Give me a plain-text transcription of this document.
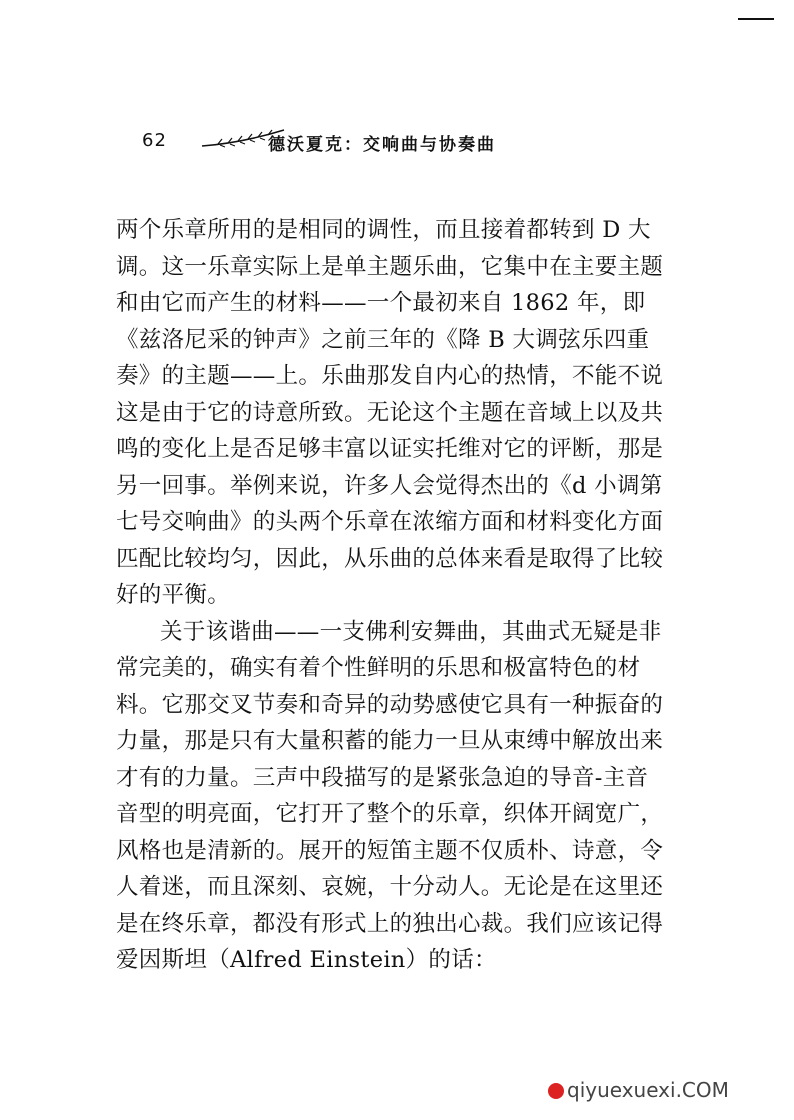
62	德沃夏克：交响曲与协奏曲
两个乐章所用的是相同的调性，而且接着都转到 D 大
调。这一乐章实际上是单主题乐曲，它集中在主要主题
和由它而产生的材料——一个最初来自 1862 年，即
《兹洛尼采的钟声》之前三年的《降 B 大调弦乐四重
奏》的主题——上。乐曲那发自内心的热情，不能不说
这是由于它的诗意所致。无论这个主题在音域上以及共
鸣的变化上是否足够丰富以证实托维对它的评断，那是
另一回事。举例来说，许多人会觉得杰出的《d 小调第
七号交响曲》的头两个乐章在浓缩方面和材料变化方面
匹配比较均匀，因此，从乐曲的总体来看是取得了比较
好的平衡。
关于该谐曲——一支佛利安舞曲，其曲式无疑是非
常完美的，确实有着个性鲜明的乐思和极富特色的材
料。它那交叉节奏和奇异的动势感使它具有一种振奋的
力量，那是只有大量积蓄的能力一旦从束缚中解放出来
才有的力量。三声中段描写的是紧张急迫的导音-主音
音型的明亮面，它打开了整个的乐章，织体开阔宽广，
风格也是清新的。展开的短笛主题不仅质朴、诗意，令
人着迷，而且深刻、哀婉，十分动人。无论是在这里还
是在终乐章，都没有形式上的独出心裁。我们应该记得
爱因斯坦（Alfred Einstein）的话：
qiyuexuexi.COM
